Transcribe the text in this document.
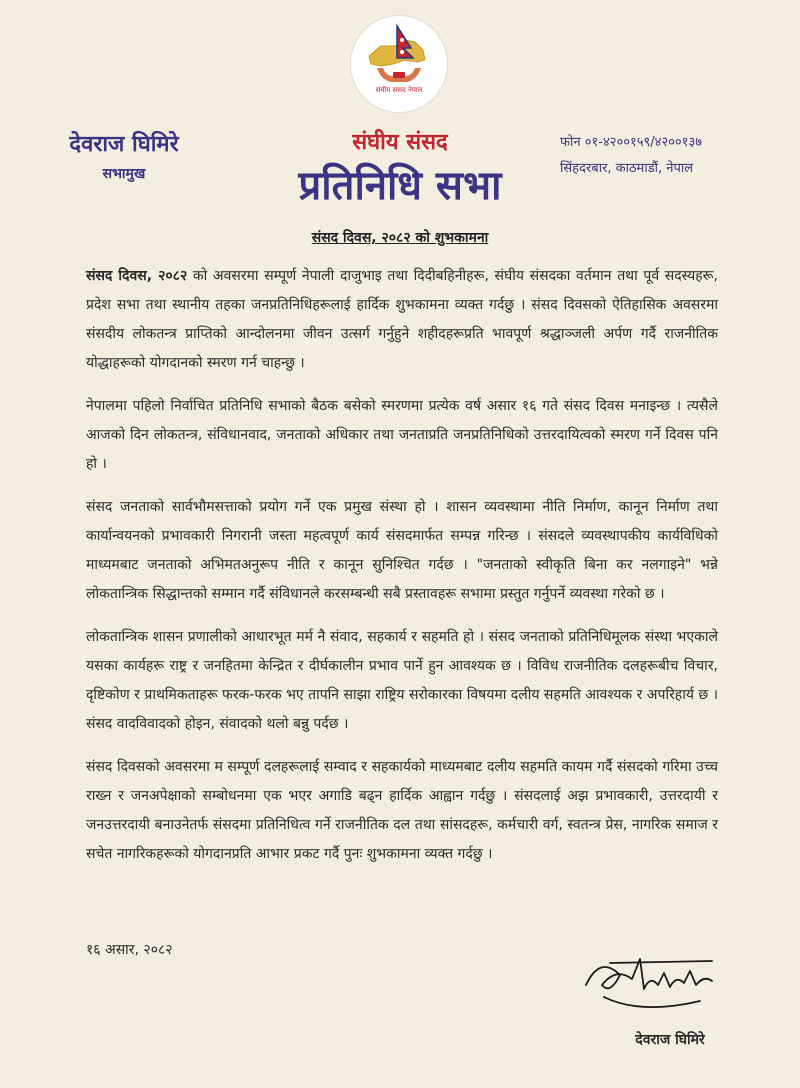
संघीय संसद नेपाल
देवराज घिमिरे
सभामुख
संघीय संसद
प्रतिनिधि सभा
फोन ०१-४२००१५९/४२००१३७
सिंहदरबार, काठमाडौं, नेपाल
संसद दिवस, २०८२ को शुभकामना

संसद दिवस, २०८२ को अवसरमा सम्पूर्ण नेपाली दाजुभाइ तथा दिदीबहिनीहरू, संघीय संसदका वर्तमान तथा पूर्व सदस्यहरू, प्रदेश सभा तथा स्थानीय तहका जनप्रतिनिधिहरूलाई हार्दिक शुभकामना व्यक्त गर्दछु । संसद दिवसको ऐतिहासिक अवसरमा संसदीय लोकतन्त्र प्राप्तिको आन्दोलनमा जीवन उत्सर्ग गर्नुहुने शहीदहरूप्रति भावपूर्ण श्रद्धाञ्जली अर्पण गर्दै राजनीतिक योद्धाहरूको योगदानको स्मरण गर्न चाहन्छु ।

नेपालमा पहिलो निर्वाचित प्रतिनिधि सभाको बैठक बसेको स्मरणमा प्रत्येक वर्ष असार १६ गते संसद दिवस मनाइन्छ । त्यसैले आजको दिन लोकतन्त्र, संविधानवाद, जनताको अधिकार तथा जनताप्रति जनप्रतिनिधिको उत्तरदायित्वको स्मरण गर्ने दिवस पनि हो ।

संसद जनताको सार्वभौमसत्ताको प्रयोग गर्ने एक प्रमुख संस्था हो । शासन व्यवस्थामा नीति निर्माण, कानून निर्माण तथा कार्यान्वयनको प्रभावकारी निगरानी जस्ता महत्वपूर्ण कार्य संसदमार्फत सम्पन्न गरिन्छ । संसदले व्यवस्थापकीय कार्यविधिको माध्यमबाट जनताको अभिमतअनुरूप नीति र कानून सुनिश्चित गर्दछ । "जनताको स्वीकृति बिना कर नलगाइने" भन्ने लोकतान्त्रिक सिद्धान्तको सम्मान गर्दै संविधानले करसम्बन्धी सबै प्रस्तावहरू सभामा प्रस्तुत गर्नुपर्ने व्यवस्था गरेको छ ।

लोकतान्त्रिक शासन प्रणालीको आधारभूत मर्म नै संवाद, सहकार्य र सहमति हो । संसद जनताको प्रतिनिधिमूलक संस्था भएकाले यसका कार्यहरू राष्ट्र र जनहितमा केन्द्रित र दीर्घकालीन प्रभाव पार्ने हुन आवश्यक छ । विविध राजनीतिक दलहरूबीच विचार, दृष्टिकोण र प्राथमिकताहरू फरक-फरक भए तापनि साझा राष्ट्रिय सरोकारका विषयमा दलीय सहमति आवश्यक र अपरिहार्य छ । संसद वादविवादको होइन, संवादको थलो बन्नु पर्दछ ।

संसद दिवसको अवसरमा म सम्पूर्ण दलहरूलाई सम्वाद र सहकार्यको माध्यमबाट दलीय सहमति कायम गर्दै संसदको गरिमा उच्च राख्न र जनअपेक्षाको सम्बोधनमा एक भएर अगाडि बढ्न हार्दिक आह्वान गर्दछु । संसदलाई अझ प्रभावकारी, उत्तरदायी र जनउत्तरदायी बनाउनेतर्फ संसदमा प्रतिनिधित्व गर्ने राजनीतिक दल तथा सांसदहरू, कर्मचारी वर्ग, स्वतन्त्र प्रेस, नागरिक समाज र सचेत नागरिकहरूको योगदानप्रति आभार प्रकट गर्दै पुनः शुभकामना व्यक्त गर्दछु ।

१६ असार, २०८२
देवराज घिमिरे
